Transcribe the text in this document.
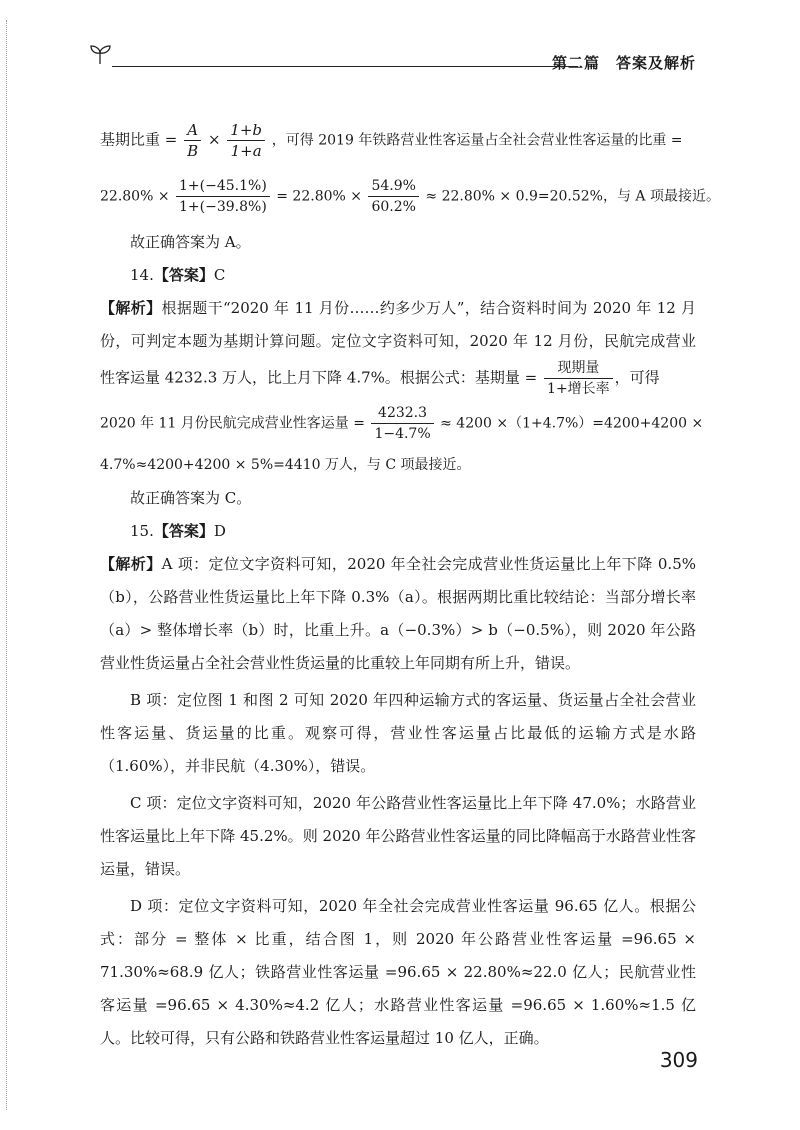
第二篇　答案及解析
基期比重 = $\frac{A}{B} \times \frac{1+b}{1+a}$ ，可得 2019 年铁路营业性客运量占全社会营业性客运量的比重 =
$22.80\% \times \frac{1+(-45.1\%)}{1+(-39.8\%)} = 22.80\% \times \frac{54.9\%}{60.2\%} \approx 22.80\% \times 0.9=20.52\%$，与 A 项最接近。
故正确答案为 A。
14.【答案】C
【解析】根据题干“2020 年 11 月份……约多少万人”，结合资料时间为 2020 年 12 月份，可判定本题为基期计算问题。定位文字资料可知，2020 年 12 月份，民航完成营业性客运量 4232.3 万人，比上月下降 4.7%。根据公式：基期量 = $\frac{\text{现期量}}{\text{1+增长率}}$ ，可得
2020 年 11 月份民航完成营业性客运量 = $\frac{4232.3}{1-4.7\%} \approx 4200 \times(1+4.7\%)=4200+4200$ ×
4.7%≈4200+4200 × 5%=4410 万人，与 C 项最接近。
故正确答案为 C。
15.【答案】D
【解析】A 项：定位文字资料可知，2020 年全社会完成营业性货运量比上年下降 0.5%（b），公路营业性货运量比上年下降 0.3%（a）。根据两期比重比较结论：当部分增长率（a）> 整体增长率（b）时，比重上升。a（−0.3%）> b（−0.5%），则 2020 年公路营业性货运量占全社会营业性货运量的比重较上年同期有所上升，错误。
B 项：定位图 1 和图 2 可知 2020 年四种运输方式的客运量、货运量占全社会营业性客运量、货运量的比重。观察可得，营业性客运量占比最低的运输方式是水路（1.60%），并非民航（4.30%），错误。
C 项：定位文字资料可知，2020 年公路营业性客运量比上年下降 47.0%；水路营业性客运量比上年下降 45.2%。则 2020 年公路营业性客运量的同比降幅高于水路营业性客运量，错误。
D 项：定位文字资料可知，2020 年全社会完成营业性客运量 96.65 亿人。根据公式：部分 = 整体 × 比重，结合图 1，则 2020 年公路营业性客运量 =96.65 × 71.30%≈68.9 亿人；铁路营业性客运量 =96.65 × 22.80%≈22.0 亿人；民航营业性客运量 =96.65 × 4.30%≈4.2 亿人；水路营业性客运量 =96.65 × 1.60%≈1.5 亿人。比较可得，只有公路和铁路营业性客运量超过 10 亿人，正确。
309
